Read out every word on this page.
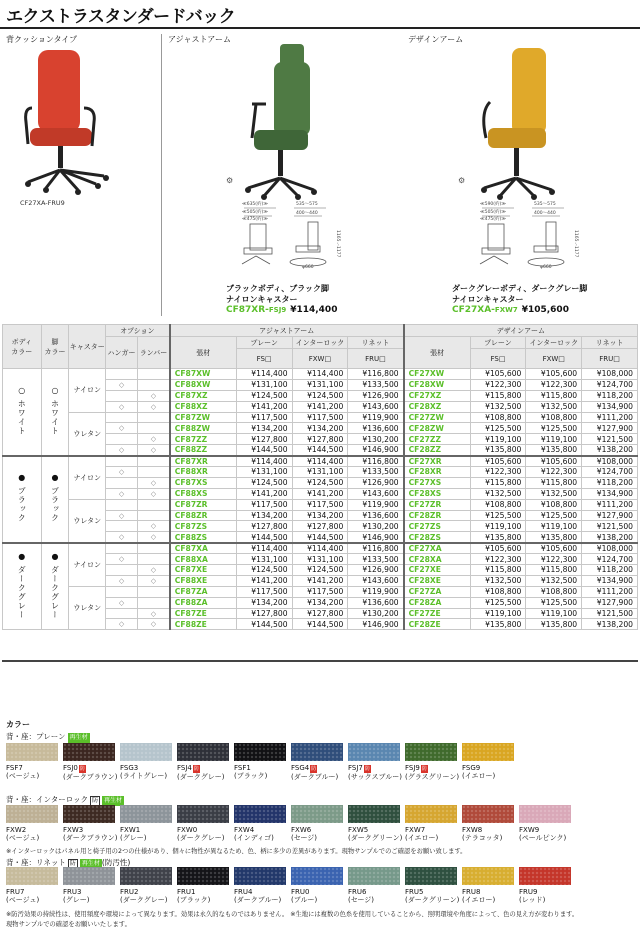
エクストラスタンダードバック
背クッションタイプ	アジャストアーム	デザインアーム
CF27XA-FRU9
⚙	⚙
≪635(約)≫
≪505(約)≫
≪475(約)≫
535〜575
400〜440
1165〜1177
φ660
≪590(約)≫
≪505(約)≫
≪475(約)≫
535〜575
400〜440
1165〜1177
φ660
ブラックボディ、ブラック脚
ナイロンキャスター
CF87XR-FSJ9 ¥114,400
ダークグレーボディ、ダークグレー脚
ナイロンキャスター
CF27XA-FXW7 ¥105,600
ボディ
カラー	脚
カラー	キャスター	オプション		アジャストアーム				デザインアーム			
			ハンガー	ランバー	張材	プレーン	インターロック	リネット	張材	プレーン	インターロック	リネット
						FS□	FXW□	FRU□		FS□	FXW□	FRU□
○ ホワイト	○ ホワイト	ナイロン			CF87XW	¥114,400	¥114,400	¥116,800	CF27XW	¥105,600	¥105,600	¥108,000
			◇		CF88XW	¥131,100	¥131,100	¥133,500	CF28XW	¥122,300	¥122,300	¥124,700
				◇	CF87XZ	¥124,500	¥124,500	¥126,900	CF27XZ	¥115,800	¥115,800	¥118,200
			◇	◇	CF88XZ	¥141,200	¥141,200	¥143,600	CF28XZ	¥132,500	¥132,500	¥134,900
		ウレタン			CF87ZW	¥117,500	¥117,500	¥119,900	CF27ZW	¥108,800	¥108,800	¥111,200
			◇		CF88ZW	¥134,200	¥134,200	¥136,600	CF28ZW	¥125,500	¥125,500	¥127,900
				◇	CF87ZZ	¥127,800	¥127,800	¥130,200	CF27ZZ	¥119,100	¥119,100	¥121,500
			◇	◇	CF88ZZ	¥144,500	¥144,500	¥146,900	CF28ZZ	¥135,800	¥135,800	¥138,200
● ブラック	● ブラック	ナイロン			CF87XR	¥114,400	¥114,400	¥116,800	CF27XR	¥105,600	¥105,600	¥108,000
			◇		CF88XR	¥131,100	¥131,100	¥133,500	CF28XR	¥122,300	¥122,300	¥124,700
				◇	CF87XS	¥124,500	¥124,500	¥126,900	CF27XS	¥115,800	¥115,800	¥118,200
			◇	◇	CF88XS	¥141,200	¥141,200	¥143,600	CF28XS	¥132,500	¥132,500	¥134,900
		ウレタン			CF87ZR	¥117,500	¥117,500	¥119,900	CF27ZR	¥108,800	¥108,800	¥111,200
			◇		CF88ZR	¥134,200	¥134,200	¥136,600	CF28ZR	¥125,500	¥125,500	¥127,900
				◇	CF87ZS	¥127,800	¥127,800	¥130,200	CF27ZS	¥119,100	¥119,100	¥121,500
			◇	◇	CF88ZS	¥144,500	¥144,500	¥146,900	CF28ZS	¥135,800	¥135,800	¥138,200
● ダークグレー	● ダークグレー	ナイロン			CF87XA	¥114,400	¥114,400	¥116,800	CF27XA	¥105,600	¥105,600	¥108,000
			◇		CF88XA	¥131,100	¥131,100	¥133,500	CF28XA	¥122,300	¥122,300	¥124,700
				◇	CF87XE	¥124,500	¥124,500	¥126,900	CF27XE	¥115,800	¥115,800	¥118,200
			◇	◇	CF88XE	¥141,200	¥141,200	¥143,600	CF28XE	¥132,500	¥132,500	¥134,900
		ウレタン			CF87ZA	¥117,500	¥117,500	¥119,900	CF27ZA	¥108,800	¥108,800	¥111,200
			◇		CF88ZA	¥134,200	¥134,200	¥136,600	CF28ZA	¥125,500	¥125,500	¥127,900
				◇	CF87ZE	¥127,800	¥127,800	¥130,200	CF27ZE	¥119,100	¥119,100	¥121,500
			◇	◇	CF88ZE	¥144,500	¥144,500	¥146,900	CF28ZE	¥135,800	¥135,800	¥138,200
カラー
背・座：プレーン 再生材
FSF7
(ベージュ)
FSJ0 防
(ダークブラウン)
FSG3
(ライトグレー)
FSJ4 防
(ダークグレー)
FSF1
(ブラック)
FSG4 防
(ダークブルー)
FSJ7 防
(サックスブルー)
FSJ9 防
(グラスグリーン)
FSG9
(イエロー)
背・座：インターロック 防 再生材
FXW2
(ベージュ)
FXW3
(ダークブラウン)
FXW1
(グレー)
FXW0
(ダークグレー)
FXW4
(インディゴ)
FXW6
(セージ)
FXW5
(ダークグリーン)
FXW7
(イエロー)
FXW8
(テラコッタ)
FXW9
(ペールピンク)
※インターロックはパネル用と椅子用の2つの仕様があり、個々に物性が異なるため、色、柄に多少の差異があります。現物サンプルでのご確認をお願い致します。
背・座：リネット 防 再生材 (防汚性)
FRU7
(ベージュ)
FRU3
(グレー)
FRU2
(ダークグレー)
FRU1
(ブラック)
FRU4
(ダークブルー)
FRU0
(ブルー)
FRU6
(セージ)
FRU5
(ダークグリーン)
FRU8
(イエロー)
FRU9
(レッド)
※防汚効果の持続性は、使用頻度や環境によって異なります。効果は永久的なものではありません。 ※生地には複数の色糸を使用していることから、照明環境や角度によって、色の見え方が変わります。
現物サンプルでの確認をお願いいたします。
